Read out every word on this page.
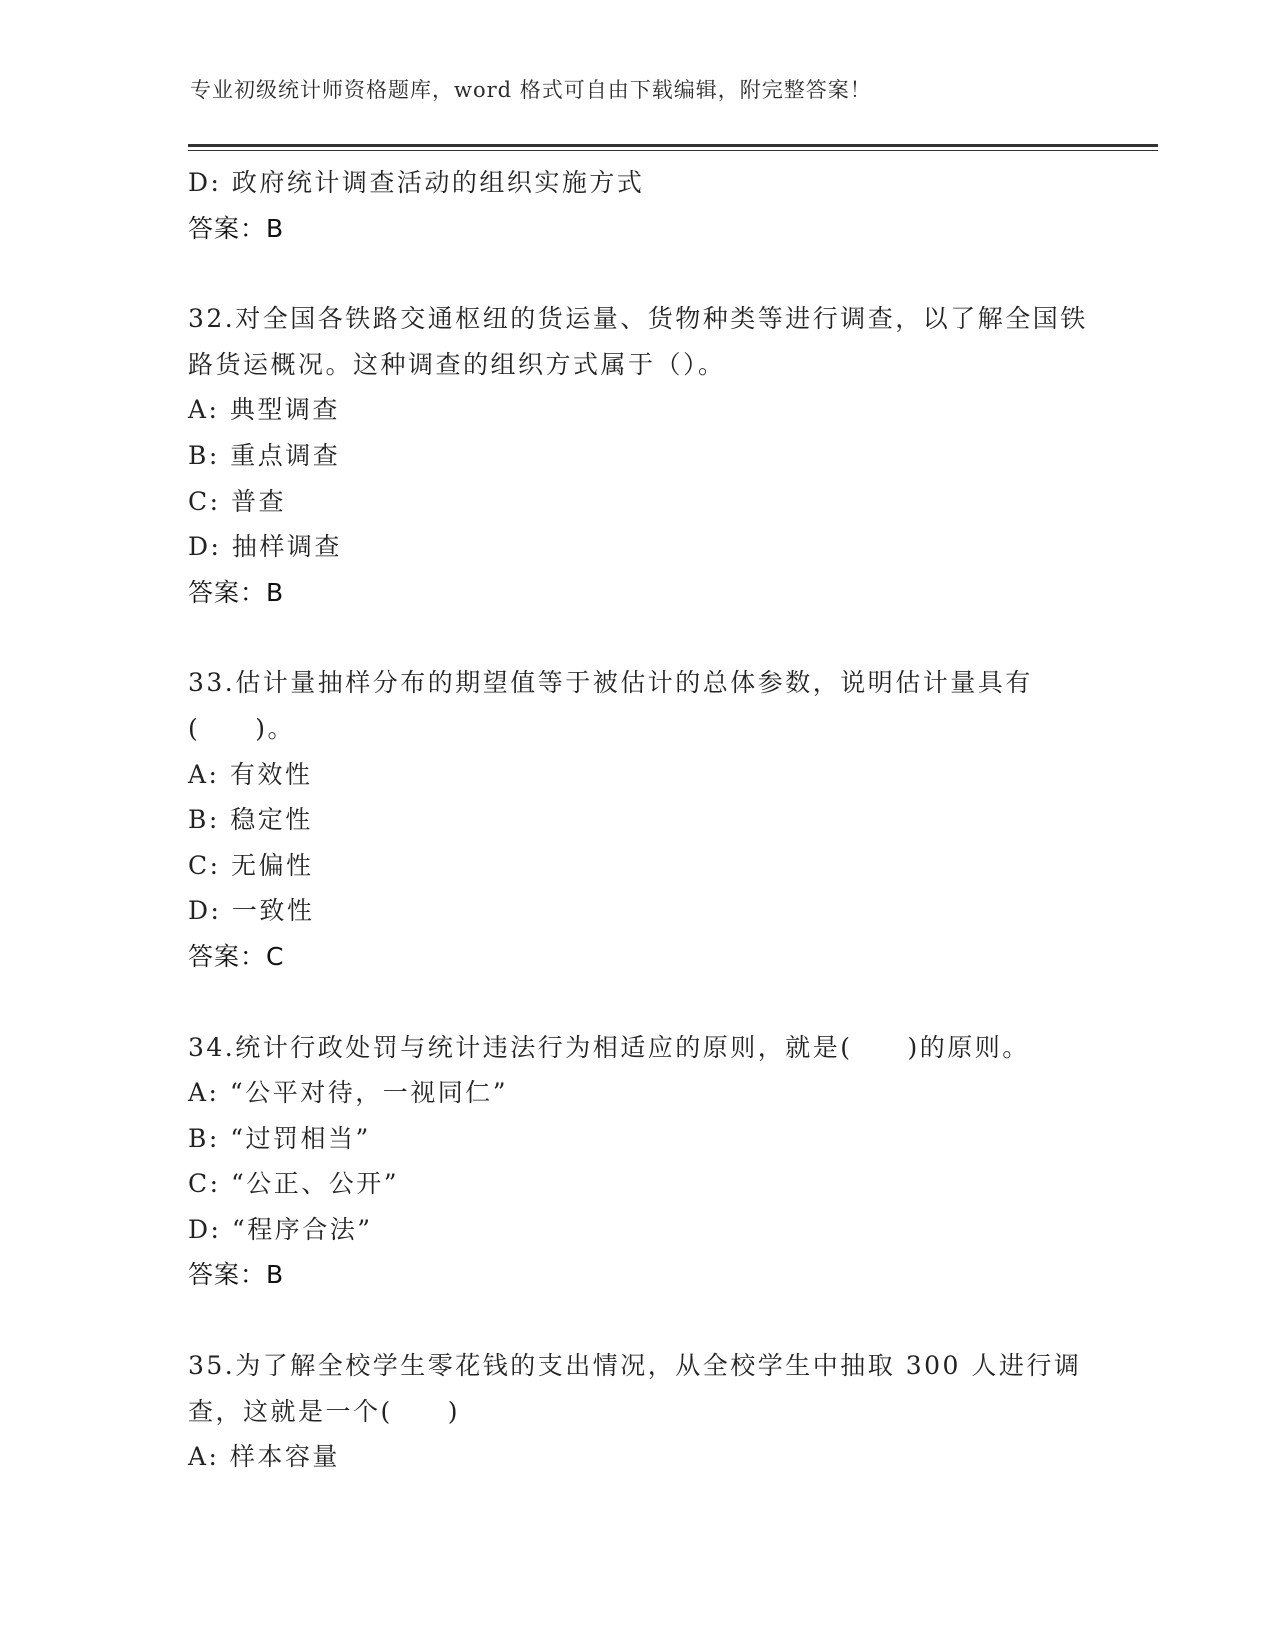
专业初级统计师资格题库，word 格式可自由下载编辑，附完整答案！
D: 政府统计调查活动的组织实施方式
答案：B
32.对全国各铁路交通枢纽的货运量、货物种类等进行调查，以了解全国铁路货运概况。这种调查的组织方式属于（）。
A: 典型调查
B: 重点调查
C: 普查
D: 抽样调查
答案：B
33.估计量抽样分布的期望值等于被估计的总体参数，说明估计量具有(　　)。
A: 有效性
B: 稳定性
C: 无偏性
D: 一致性
答案：C
34.统计行政处罚与统计违法行为相适应的原则，就是(　　)的原则。
A: “公平对待，一视同仁”
B: “过罚相当”
C: “公正、公开”
D: “程序合法”
答案：B
35.为了解全校学生零花钱的支出情况，从全校学生中抽取 300 人进行调查，这就是一个(　　)
A: 样本容量
